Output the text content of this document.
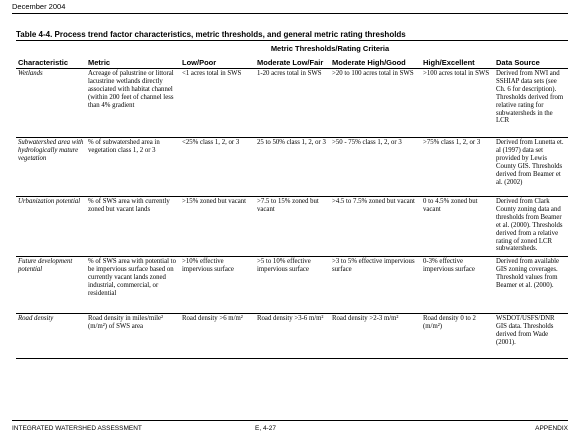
December 2004
Table 4-4. Process trend factor characteristics, metric thresholds, and general metric rating thresholds
Metric Thresholds/Rating Criteria
Characteristic	Metric	Low/Poor	Moderate Low/Fair	Moderate High/Good	High/Excellent	Data Source
Wetlands	Acreage of palustrine or littoral lacustrine wetlands directly associated with habitat channel (within 200 feet of channel less than 4% gradient	<1 acres total in SWS	1-20 acres total in SWS	>20 to 100 acres total in SWS	>100 acres total in SWS	Derived from NWI and SSHIAP data sets (see Ch. 6 for description). Thresholds derived from relative rating for subwatersheds in the LCR
Subwatershed area with hydrologically mature vegetation	% of subwatershed area in vegetation class 1, 2 or 3	<25% class 1, 2, or 3	25 to 50% class 1, 2, or 3	>50 - 75% class 1, 2, or 3	>75% class 1, 2, or 3	Derived from Lunetta et. al (1997) data set provided by Lewis County GIS. Thresholds derived from Beamer et al. (2002)
Urbanization potential	% of SWS area with currently zoned but vacant lands	>15% zoned but vacant	>7.5 to 15% zoned but vacant	>4.5 to 7.5% zoned but vacant	0 to 4.5% zoned but vacant	Derived from Clark County zoning data and thresholds from Beamer et al. (2000). Thresholds derived from a relative rating of zoned LCR subwatersheds.
Future development potential	% of SWS area with potential to be impervious surface based on currently vacant lands zoned industrial, commercial, or residential	>10% effective impervious surface	>5 to 10% effective impervious surface	>3 to 5% effective impervious surface	0-3% effective impervious surface	Derived from available GIS zoning coverages. Threshold values from Beamer et al. (2000).
Road density	Road density in miles/mile² (m/m²) of SWS area	Road density >6 m/m²	Road density >3-6 m/m²	Road density >2-3 m/m²	Road density 0 to 2 (m/m²)	WSDOT/USFS/DNR GIS data. Thresholds derived from Wade (2001).
INTEGRATED WATERSHED ASSESSMENT	E, 4-27	APPENDIX
